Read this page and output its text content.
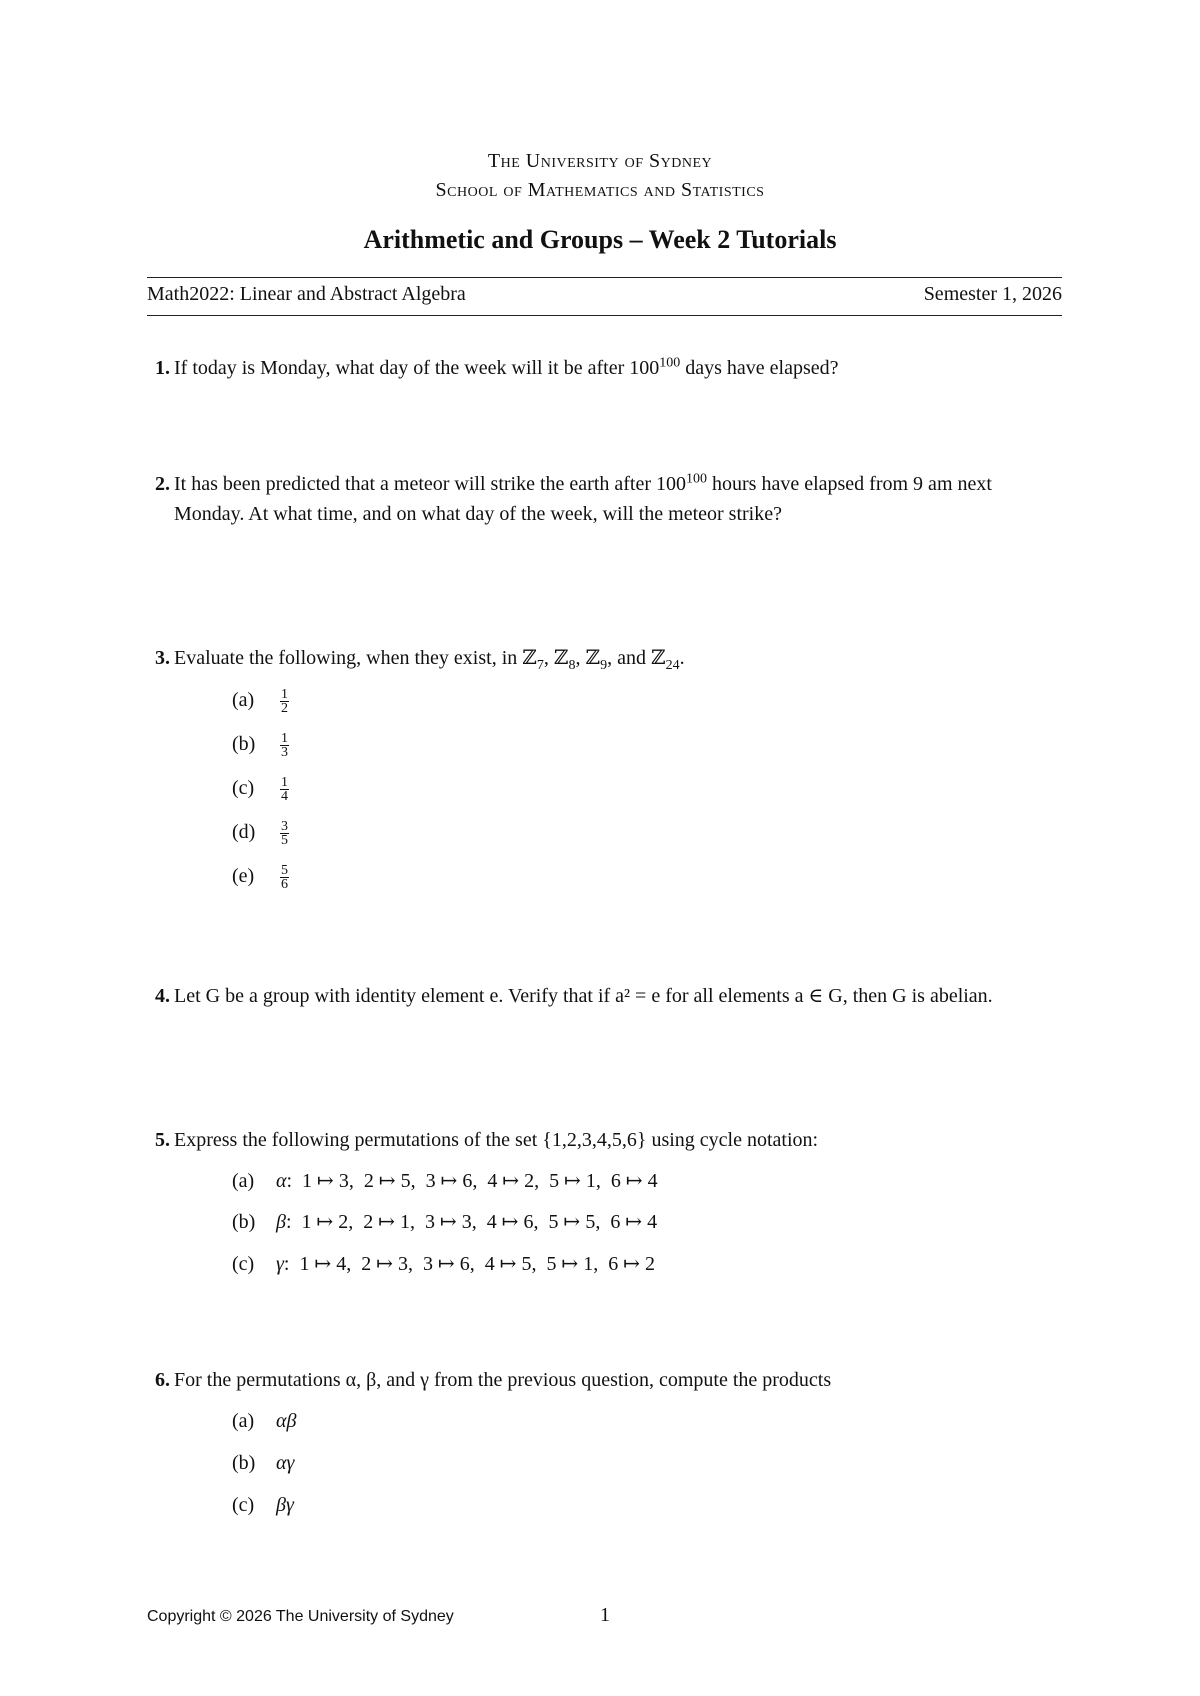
The University of Sydney
School of Mathematics and Statistics
Arithmetic and Groups – Week 2 Tutorials
Math2022: Linear and Abstract Algebra	Semester 1, 2026
1. If today is Monday, what day of the week will it be after $100^{100}$ days have elapsed?
2. It has been predicted that a meteor will strike the earth after $100^{100}$ hours have elapsed from 9 am next Monday. At what time, and on what day of the week, will the meteor strike?
3. Evaluate the following, when they exist, in ℤ$_7$, ℤ$_8$, ℤ$_9$, and ℤ$_{24}$.
$(a) \frac{1}{2}$
$(b) \frac{1}{3}$
$(c) \frac{1}{4}$
$(d) \frac{3}{5}$
$(e) \frac{5}{6}$
4. Let G be a group with identity element e. Verify that if a² = e for all elements a ∈ G, then G is abelian.
5. Express the following permutations of the set {1,2,3,4,5,6} using cycle notation:
(a) α:  1 ↦ 3,  2 ↦ 5,  3 ↦ 6,  4 ↦ 2,  5 ↦ 1,  6 ↦ 4
(b) β:  1 ↦ 2,  2 ↦ 1,  3 ↦ 3,  4 ↦ 6,  5 ↦ 5,  6 ↦ 4
(c) γ:  1 ↦ 4,  2 ↦ 3,  3 ↦ 6,  4 ↦ 5,  5 ↦ 1,  6 ↦ 2
6. For the permutations α, β, and γ from the previous question, compute the products
(a) αβ
(b) αγ
(c) βγ
Copyright © 2026 The University of Sydney	1
